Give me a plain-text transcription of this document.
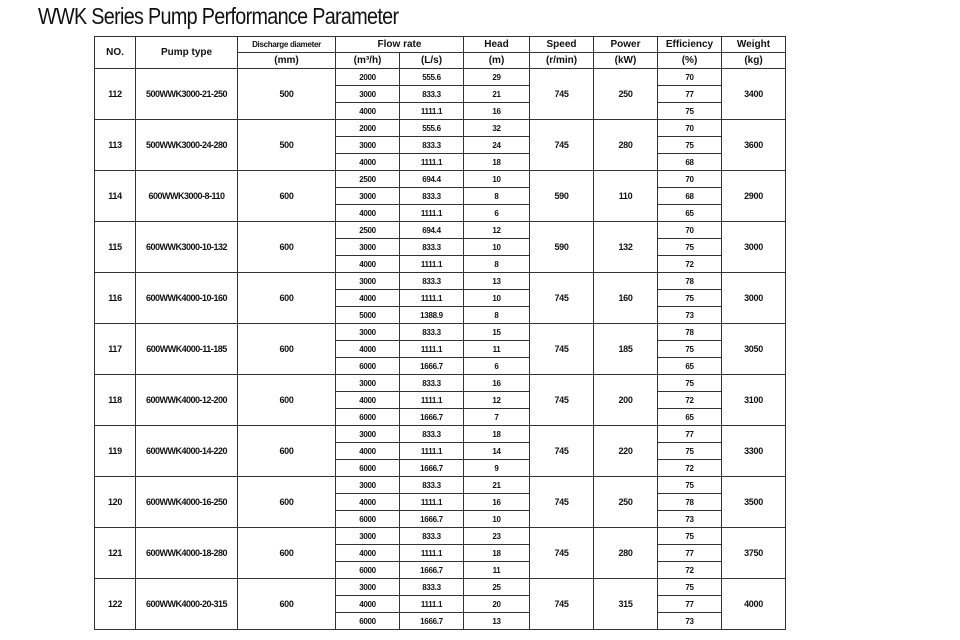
WWK Series Pump Performance Parameter
NO.	Pump type	Discharge diameter	Flow rate		Head	Speed	Power	Efficiency	Weight
		(mm)	(m³/h)	(L/s)	(m)	(r/min)	(kW)	(%)	(kg)
112	500WWK3000-21-250	500	2000	555.6	29	745	250	70	3400
			3000	833.3	21			77	
			4000	1111.1	16			75	
113	500WWK3000-24-280	500	2000	555.6	32	745	280	70	3600
			3000	833.3	24			75	
			4000	1111.1	18			68	
114	600WWK3000-8-110	600	2500	694.4	10	590	110	70	2900
			3000	833.3	8			68	
			4000	1111.1	6			65	
115	600WWK3000-10-132	600	2500	694.4	12	590	132	70	3000
			3000	833.3	10			75	
			4000	1111.1	8			72	
116	600WWK4000-10-160	600	3000	833.3	13	745	160	78	3000
			4000	1111.1	10			75	
			5000	1388.9	8			73	
117	600WWK4000-11-185	600	3000	833.3	15	745	185	78	3050
			4000	1111.1	11			75	
			6000	1666.7	6			65	
118	600WWK4000-12-200	600	3000	833.3	16	745	200	75	3100
			4000	1111.1	12			72	
			6000	1666.7	7			65	
119	600WWK4000-14-220	600	3000	833.3	18	745	220	77	3300
			4000	1111.1	14			75	
			6000	1666.7	9			72	
120	600WWK4000-16-250	600	3000	833.3	21	745	250	75	3500
			4000	1111.1	16			78	
			6000	1666.7	10			73	
121	600WWK4000-18-280	600	3000	833.3	23	745	280	75	3750
			4000	1111.1	18			77	
			6000	1666.7	11			72	
122	600WWK4000-20-315	600	3000	833.3	25	745	315	75	4000
			4000	1111.1	20			77	
			6000	1666.7	13			73	
